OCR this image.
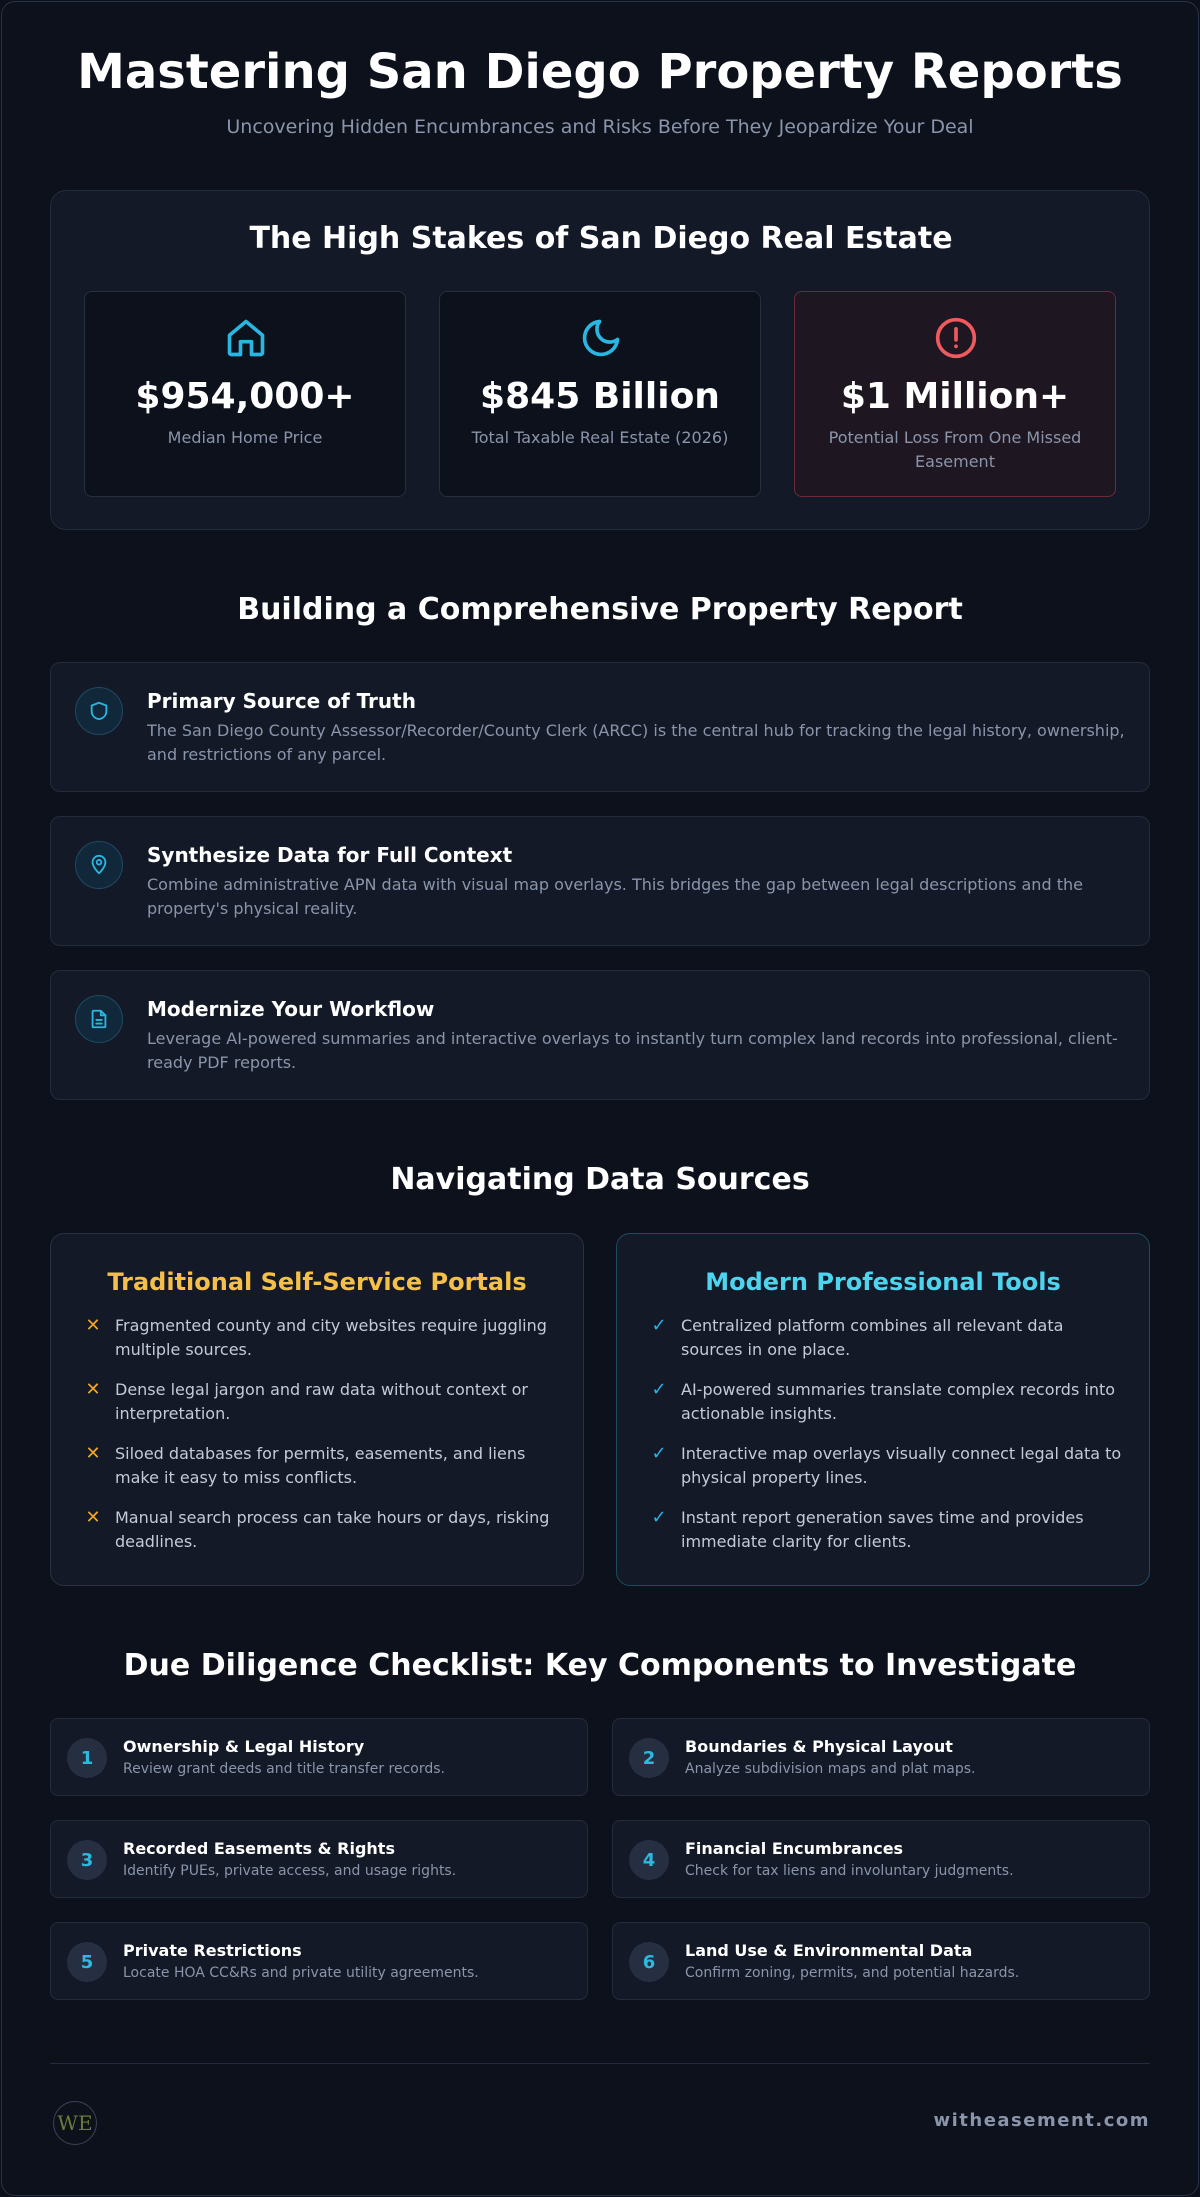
Mastering San Diego Property Reports
Uncovering Hidden Encumbrances and Risks Before They Jeopardize Your Deal
The High Stakes of San Diego Real Estate
$954,000+
Median Home Price
$845 Billion
Total Taxable Real Estate (2026)
$1 Million+
Potential Loss From One Missed Easement
Building a Comprehensive Property Report
Primary Source of Truth
The San Diego County Assessor/Recorder/County Clerk (ARCC) is the central hub for tracking the legal history, ownership, and restrictions of any parcel.
Synthesize Data for Full Context
Combine administrative APN data with visual map overlays. This bridges the gap between legal descriptions and the property's physical reality.
Modernize Your Workflow
Leverage AI-powered summaries and interactive overlays to instantly turn complex land records into professional, client-ready PDF reports.
Navigating Data Sources
Traditional Self-Service Portals
✕ Fragmented county and city websites require juggling multiple sources.
✕ Dense legal jargon and raw data without context or interpretation.
✕ Siloed databases for permits, easements, and liens make it easy to miss conflicts.
✕ Manual search process can take hours or days, risking deadlines.
Modern Professional Tools
✓ Centralized platform combines all relevant data sources in one place.
✓ AI-powered summaries translate complex records into actionable insights.
✓ Interactive map overlays visually connect legal data to physical property lines.
✓ Instant report generation saves time and provides immediate clarity for clients.
Due Diligence Checklist: Key Components to Investigate
1
Ownership & Legal History
Review grant deeds and title transfer records.
2
Boundaries & Physical Layout
Analyze subdivision maps and plat maps.
3
Recorded Easements & Rights
Identify PUEs, private access, and usage rights.
4
Financial Encumbrances
Check for tax liens and involuntary judgments.
5
Private Restrictions
Locate HOA CC&Rs and private utility agreements.
6
Land Use & Environmental Data
Confirm zoning, permits, and potential hazards.
WE	witheasement.com
